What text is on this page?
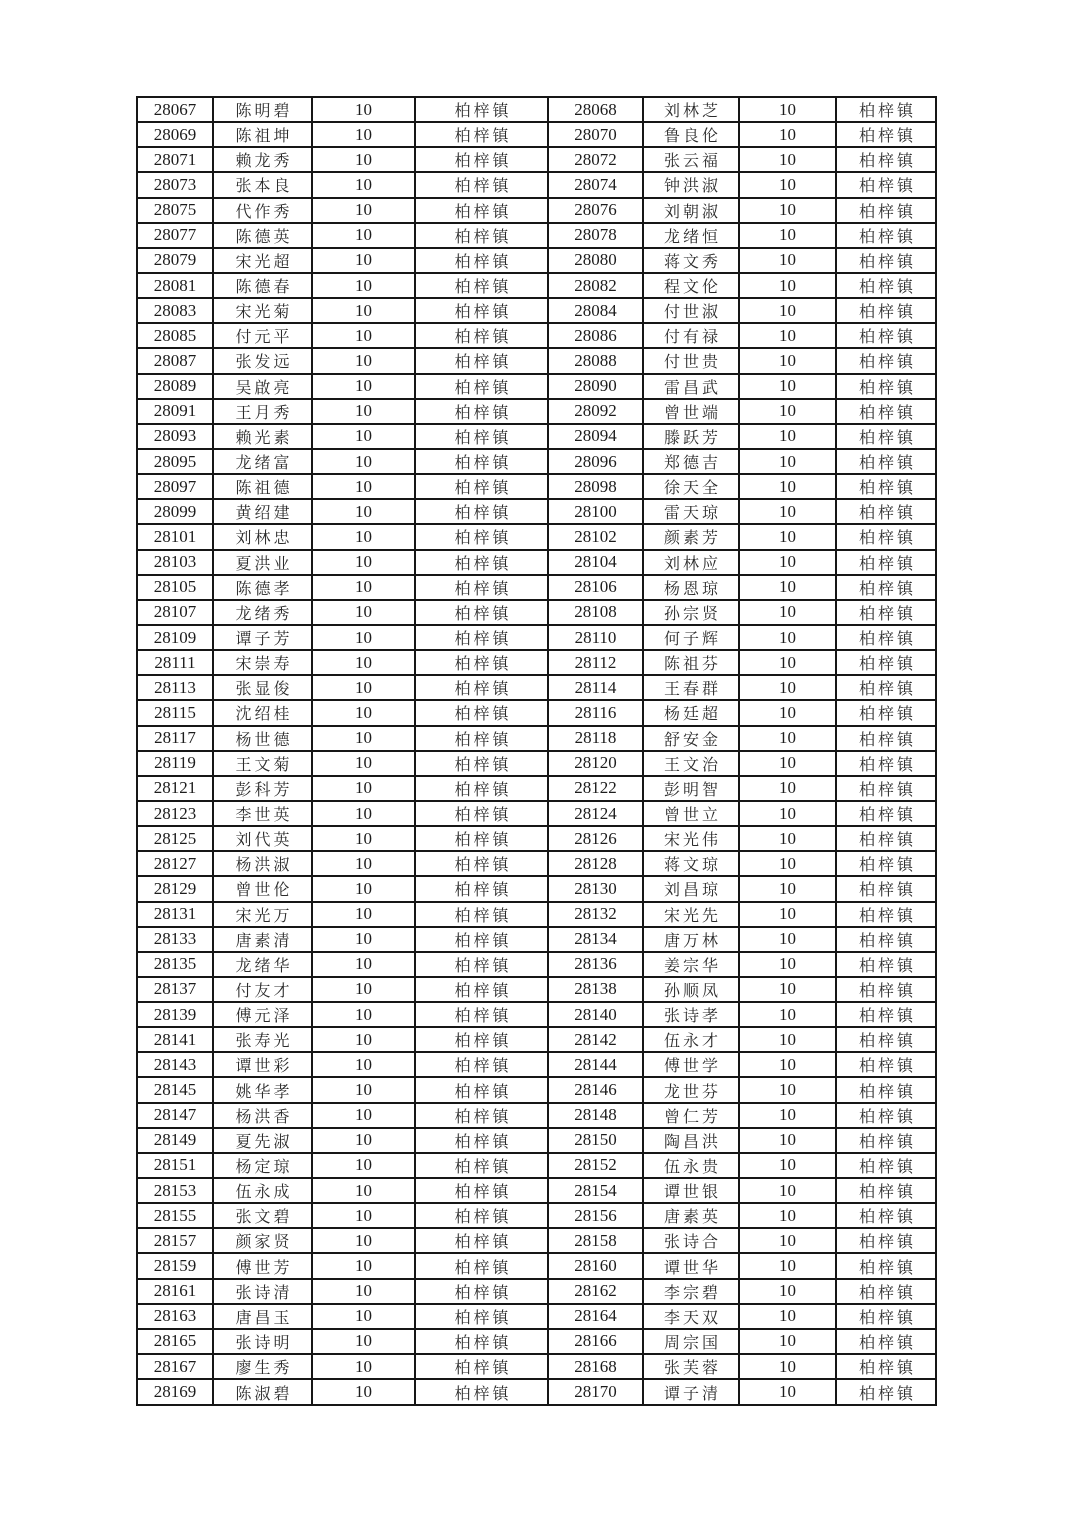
28067	陈明碧	10	柏梓镇	28068	刘林芝	10	柏梓镇
28069	陈祖坤	10	柏梓镇	28070	鲁良伦	10	柏梓镇
28071	赖龙秀	10	柏梓镇	28072	张云福	10	柏梓镇
28073	张本良	10	柏梓镇	28074	钟洪淑	10	柏梓镇
28075	代作秀	10	柏梓镇	28076	刘朝淑	10	柏梓镇
28077	陈德英	10	柏梓镇	28078	龙绪恒	10	柏梓镇
28079	宋光超	10	柏梓镇	28080	蒋文秀	10	柏梓镇
28081	陈德春	10	柏梓镇	28082	程文伦	10	柏梓镇
28083	宋光菊	10	柏梓镇	28084	付世淑	10	柏梓镇
28085	付元平	10	柏梓镇	28086	付有禄	10	柏梓镇
28087	张发远	10	柏梓镇	28088	付世贵	10	柏梓镇
28089	吴啟亮	10	柏梓镇	28090	雷昌武	10	柏梓镇
28091	王月秀	10	柏梓镇	28092	曾世端	10	柏梓镇
28093	赖光素	10	柏梓镇	28094	滕跃芳	10	柏梓镇
28095	龙绪富	10	柏梓镇	28096	郑德吉	10	柏梓镇
28097	陈祖德	10	柏梓镇	28098	徐天全	10	柏梓镇
28099	黄绍建	10	柏梓镇	28100	雷天琼	10	柏梓镇
28101	刘林忠	10	柏梓镇	28102	颜素芳	10	柏梓镇
28103	夏洪业	10	柏梓镇	28104	刘林应	10	柏梓镇
28105	陈德孝	10	柏梓镇	28106	杨恩琼	10	柏梓镇
28107	龙绪秀	10	柏梓镇	28108	孙宗贤	10	柏梓镇
28109	谭子芳	10	柏梓镇	28110	何子辉	10	柏梓镇
28111	宋崇寿	10	柏梓镇	28112	陈祖芬	10	柏梓镇
28113	张显俊	10	柏梓镇	28114	王春群	10	柏梓镇
28115	沈绍桂	10	柏梓镇	28116	杨廷超	10	柏梓镇
28117	杨世德	10	柏梓镇	28118	舒安金	10	柏梓镇
28119	王文菊	10	柏梓镇	28120	王文治	10	柏梓镇
28121	彭科芳	10	柏梓镇	28122	彭明智	10	柏梓镇
28123	李世英	10	柏梓镇	28124	曾世立	10	柏梓镇
28125	刘代英	10	柏梓镇	28126	宋光伟	10	柏梓镇
28127	杨洪淑	10	柏梓镇	28128	蒋文琼	10	柏梓镇
28129	曾世伦	10	柏梓镇	28130	刘昌琼	10	柏梓镇
28131	宋光万	10	柏梓镇	28132	宋光先	10	柏梓镇
28133	唐素清	10	柏梓镇	28134	唐万林	10	柏梓镇
28135	龙绪华	10	柏梓镇	28136	姜宗华	10	柏梓镇
28137	付友才	10	柏梓镇	28138	孙顺凤	10	柏梓镇
28139	傅元泽	10	柏梓镇	28140	张诗孝	10	柏梓镇
28141	张寿光	10	柏梓镇	28142	伍永才	10	柏梓镇
28143	谭世彩	10	柏梓镇	28144	傅世学	10	柏梓镇
28145	姚华孝	10	柏梓镇	28146	龙世芬	10	柏梓镇
28147	杨洪香	10	柏梓镇	28148	曾仁芳	10	柏梓镇
28149	夏先淑	10	柏梓镇	28150	陶昌洪	10	柏梓镇
28151	杨定琼	10	柏梓镇	28152	伍永贵	10	柏梓镇
28153	伍永成	10	柏梓镇	28154	谭世银	10	柏梓镇
28155	张文碧	10	柏梓镇	28156	唐素英	10	柏梓镇
28157	颜家贤	10	柏梓镇	28158	张诗合	10	柏梓镇
28159	傅世芳	10	柏梓镇	28160	谭世华	10	柏梓镇
28161	张诗清	10	柏梓镇	28162	李宗碧	10	柏梓镇
28163	唐昌玉	10	柏梓镇	28164	李天双	10	柏梓镇
28165	张诗明	10	柏梓镇	28166	周宗国	10	柏梓镇
28167	廖生秀	10	柏梓镇	28168	张芙蓉	10	柏梓镇
28169	陈淑碧	10	柏梓镇	28170	谭子清	10	柏梓镇
